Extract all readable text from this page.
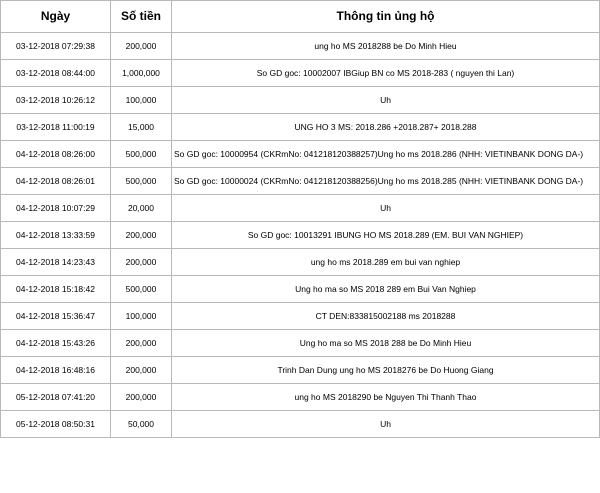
Ngày	Số tiền	Thông tin ủng hộ
03-12-2018 07:29:38	200,000	ung ho MS 2018288 be Do Minh Hieu
03-12-2018 08:44:00	1,000,000	So GD goc: 10002007 IBGiup BN co MS 2018-283 ( nguyen thi Lan)
03-12-2018 10:26:12	100,000	Uh
03-12-2018 11:00:19	15,000	UNG HO 3 MS: 2018.286 +2018.287+ 2018.288
04-12-2018 08:26:00	500,000	So GD goc: 10000954 (CKRmNo: 041218120388257)Ung ho ms 2018.286 (NHH: VIETINBANK DONG DA-)
04-12-2018 08:26:01	500,000	So GD goc: 10000024 (CKRmNo: 041218120388256)Ung ho ms 2018.285 (NHH: VIETINBANK DONG DA-)
04-12-2018 10:07:29	20,000	Uh
04-12-2018 13:33:59	200,000	So GD goc: 10013291 IBUNG HO MS 2018.289 (EM. BUI VAN NGHIEP)
04-12-2018 14:23:43	200,000	ung ho ms 2018.289 em bui van nghiep
04-12-2018 15:18:42	500,000	Ung ho ma so MS 2018 289 em Bui Van Nghiep
04-12-2018 15:36:47	100,000	CT DEN:833815002188 ms 2018288
04-12-2018 15:43:26	200,000	Ung ho ma so MS 2018 288 be Do Minh Hieu
04-12-2018 16:48:16	200,000	Trinh Dan Dung ung ho MS 2018276 be Do Huong Giang
05-12-2018 07:41:20	200,000	ung ho MS 2018290 be Nguyen Thi Thanh Thao
05-12-2018 08:50:31	50,000	Uh
